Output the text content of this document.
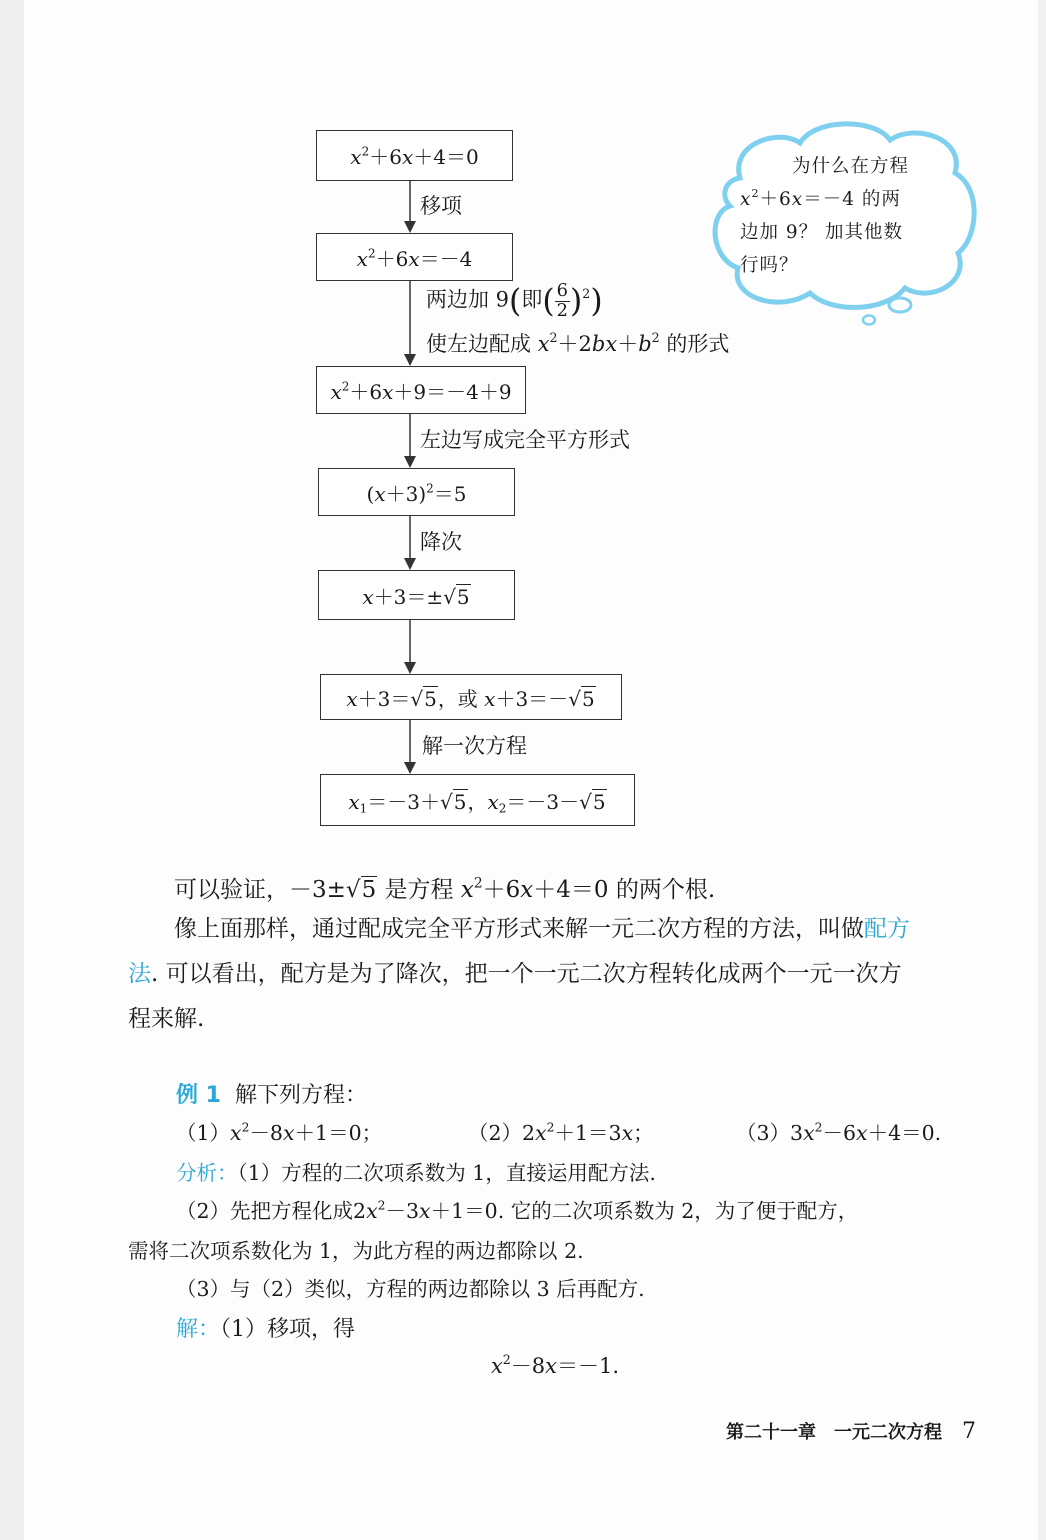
$x^2+6x+4=0$
移项
$x^2+6x=-4$
两边加 9(即( $\frac{6}{2} )^2$)
使左边配成 $x^2+2bx+b^2$ 的形式
$x^2+6x+9=-4+9$
左边写成完全平方形式
$(x+3)^2=5$
降次
x＋3＝±√5
x＋3＝√5，或 x＋3＝－√5
解一次方程
$x_1=-3+√5$，$x_2=-3-√5$
为什么在方程
$x^2+6x=-4$ 的两
边加 9？ 加其他数
行吗？
可以验证，－3±√5 是方程 $x^2+6x+4=0$ 的两个根.
像上面那样，通过配成完全平方形式来解一元二次方程的方法，叫做配方
法. 可以看出，配方是为了降次，把一个一元二次方程转化成两个一元一次方
程来解.
例 1 解下列方程：
$(1)x^2-8x+1=0$；	$(2)2x^2+1=3x$；	$(3)3x^2-6x+4=0$.
分析：（1）方程的二次项系数为 1，直接运用配方法.
（2）先把方程化成$2x^2-3x+1=0$. 它的二次项系数为 2，为了便于配方，
需将二次项系数化为 1，为此方程的两边都除以 2.
（3）与（2）类似，方程的两边都除以 3 后再配方.
解：（1）移项，得
$x^2-8x=-1$.
第二十一章　一元二次方程 7
